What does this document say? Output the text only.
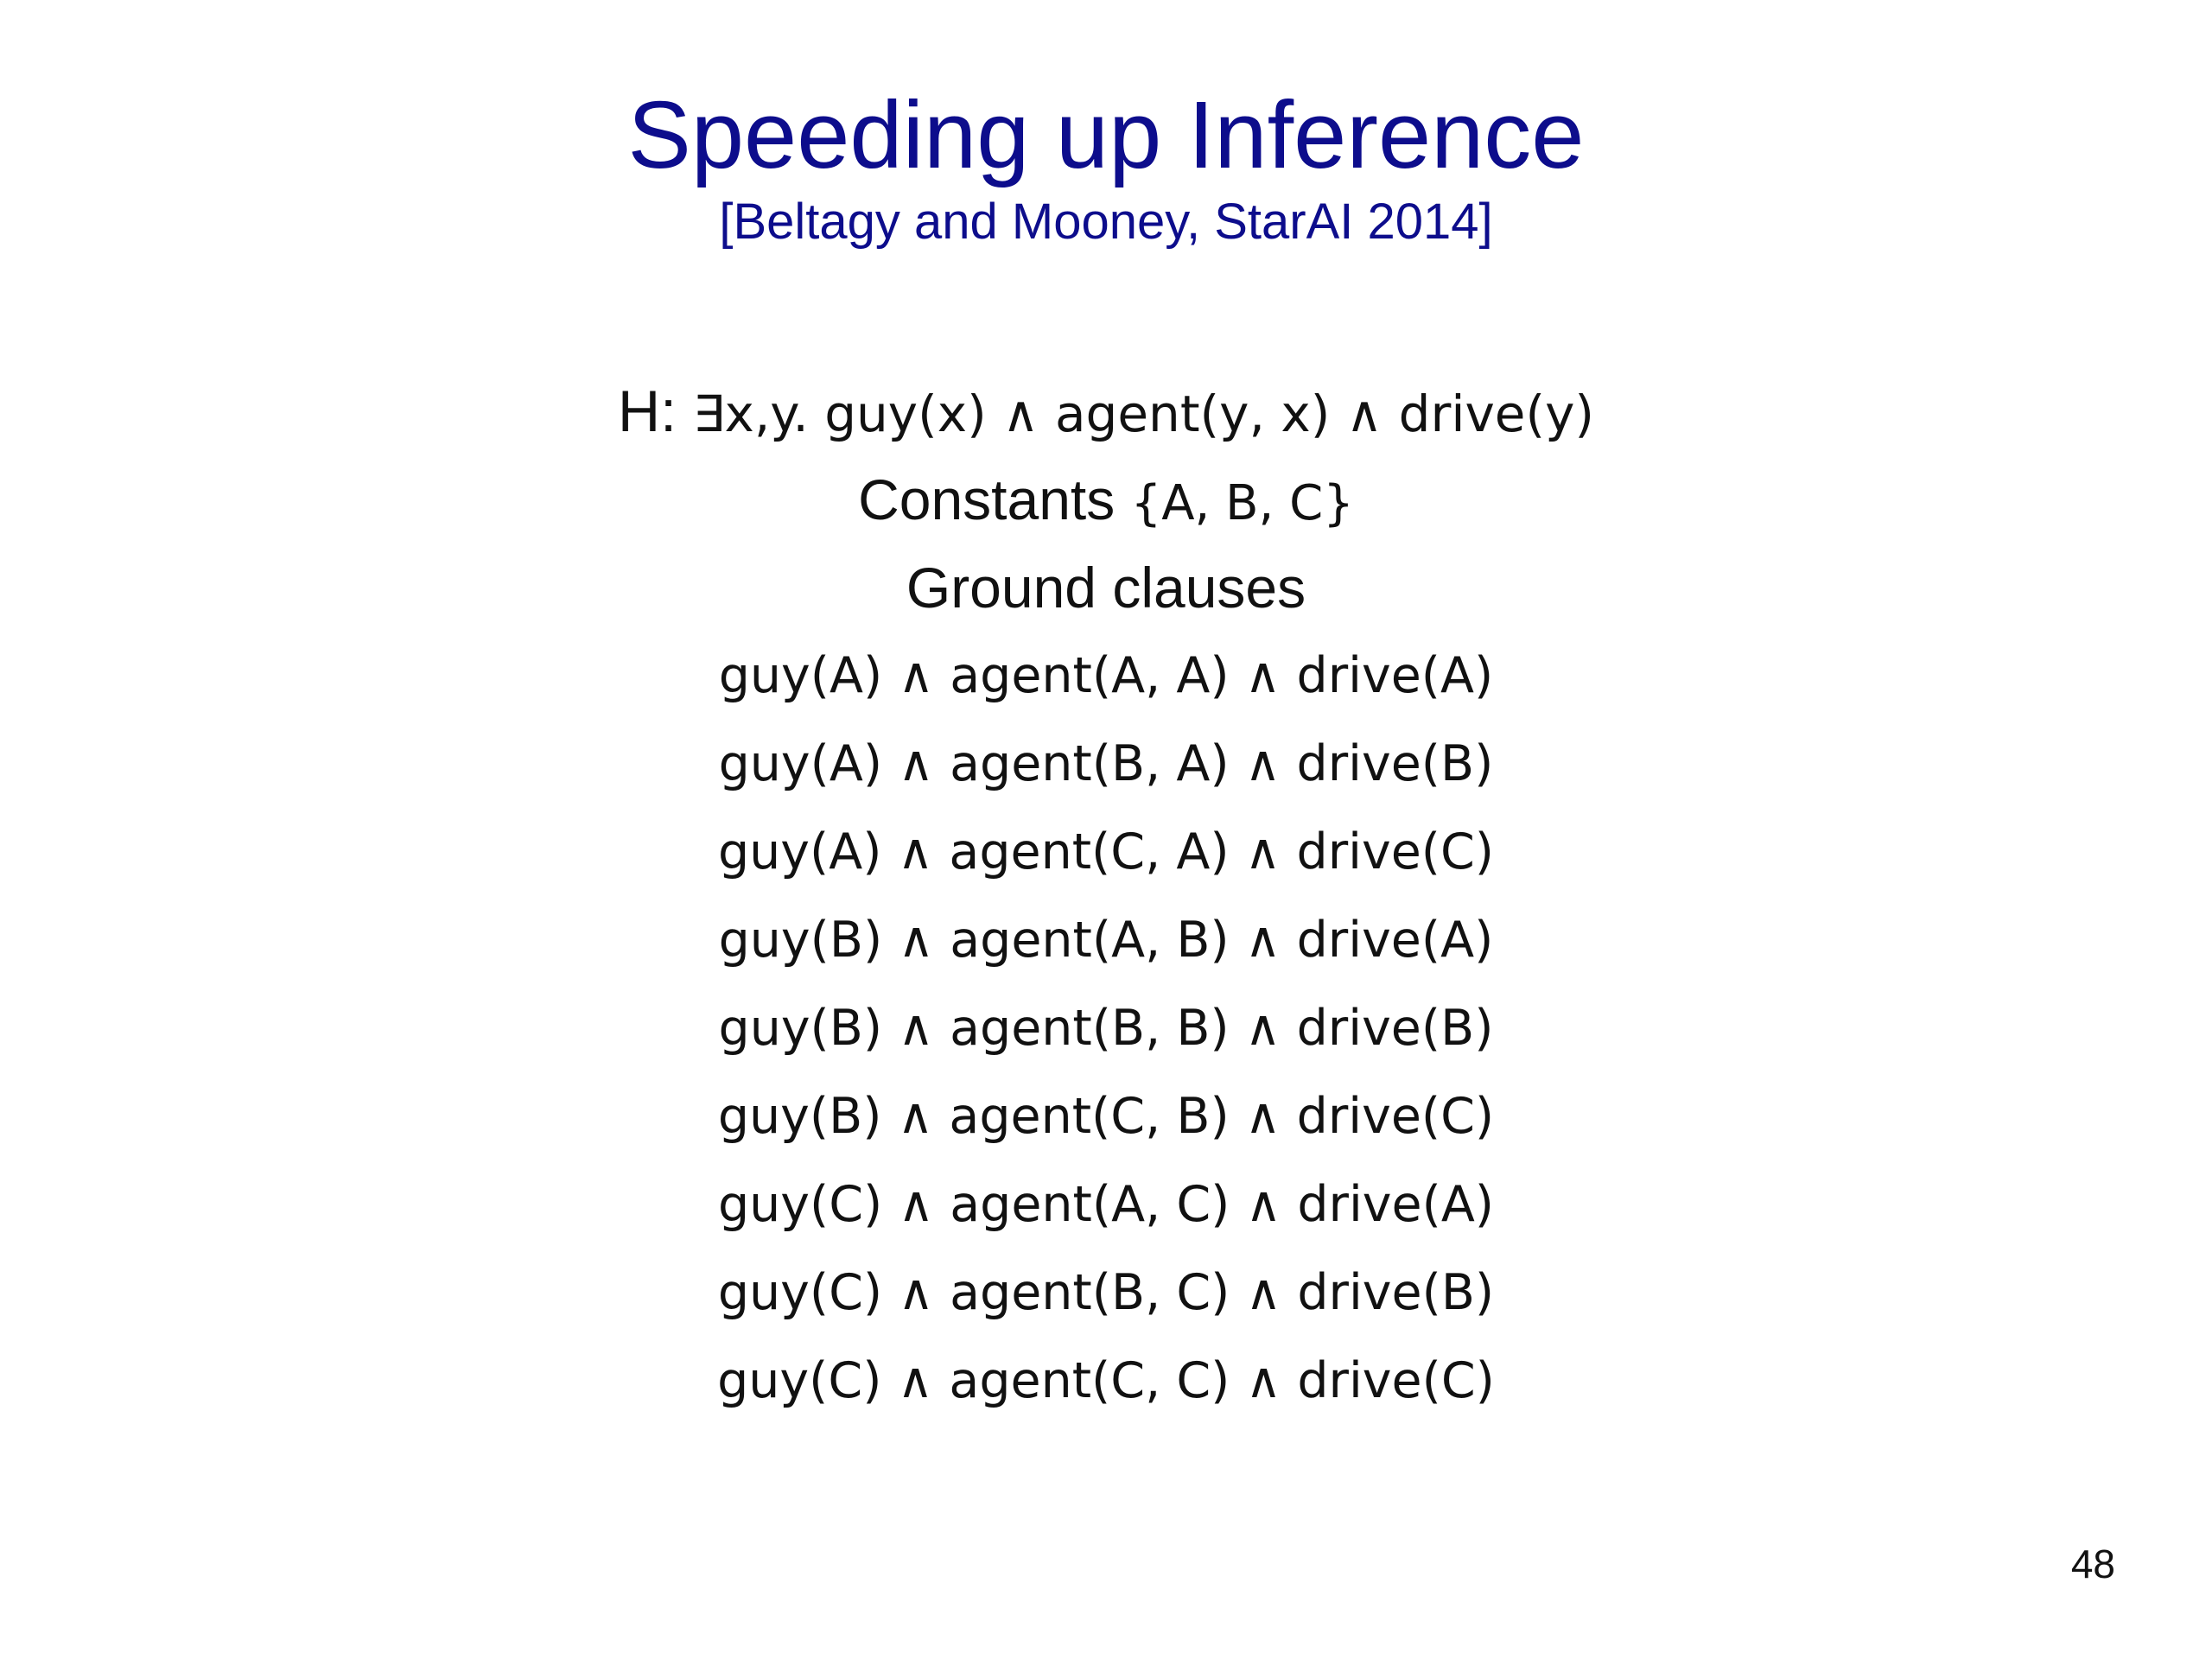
Speeding up Inference
[Beltagy and Mooney, StarAI 2014]
H: ∃x,y. guy(x) ∧ agent(y, x) ∧ drive(y)
Constants {A, B, C}
Ground clauses
guy(A) ∧ agent(A, A) ∧ drive(A)
guy(A) ∧ agent(B, A) ∧ drive(B)
guy(A) ∧ agent(C, A) ∧ drive(C)
guy(B) ∧ agent(A, B) ∧ drive(A)
guy(B) ∧ agent(B, B) ∧ drive(B)
guy(B) ∧ agent(C, B) ∧ drive(C)
guy(C) ∧ agent(A, C) ∧ drive(A)
guy(C) ∧ agent(B, C) ∧ drive(B)
guy(C) ∧ agent(C, C) ∧ drive(C)
48
